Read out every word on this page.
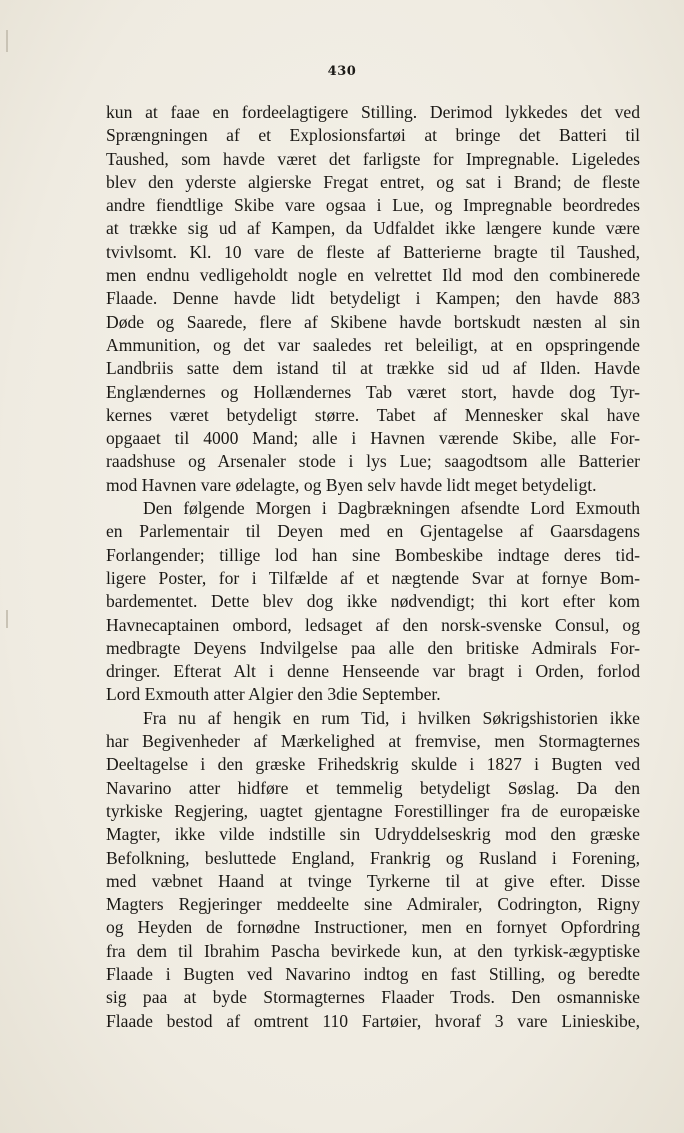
430
kun at faae en fordeelagtigere Stilling. Derimod lykkedes det ved
Sprængningen af et Explosionsfartøi at bringe det Batteri til
Taushed, som havde været det farligste for Impregnable. Ligeledes
blev den yderste algierske Fregat entret, og sat i Brand; de fleste
andre fiendtlige Skibe vare ogsaa i Lue, og Impregnable beordredes
at trække sig ud af Kampen, da Udfaldet ikke længere kunde være
tvivlsomt. Kl. 10 vare de fleste af Batterierne bragte til Taushed,
men endnu vedligeholdt nogle en velrettet Ild mod den combinerede
Flaade. Denne havde lidt betydeligt i Kampen; den havde 883
Døde og Saarede, flere af Skibene havde bortskudt næsten al sin
Ammunition, og det var saaledes ret beleiligt, at en opspringende
Landbriis satte dem istand til at trække sid ud af Ilden. Havde
Englændernes og Hollændernes Tab været stort, havde dog Tyr-
kernes været betydeligt større. Tabet af Mennesker skal have
opgaaet til 4000 Mand; alle i Havnen værende Skibe, alle For-
raadshuse og Arsenaler stode i lys Lue; saagodtsom alle Batterier
mod Havnen vare ødelagte, og Byen selv havde lidt meget betydeligt.
Den følgende Morgen i Dagbrækningen afsendte Lord Exmouth
en Parlementair til Deyen med en Gjentagelse af Gaarsdagens
Forlangender; tillige lod han sine Bombeskibe indtage deres tid-
ligere Poster, for i Tilfælde af et nægtende Svar at fornye Bom-
bardementet. Dette blev dog ikke nødvendigt; thi kort efter kom
Havnecaptainen ombord, ledsaget af den norsk-svenske Consul, og
medbragte Deyens Indvilgelse paa alle den britiske Admirals For-
dringer. Efterat Alt i denne Henseende var bragt i Orden, forlod
Lord Exmouth atter Algier den 3die September.
Fra nu af hengik en rum Tid, i hvilken Søkrigshistorien ikke
har Begivenheder af Mærkelighed at fremvise, men Stormagternes
Deeltagelse i den græske Frihedskrig skulde i 1827 i Bugten ved
Navarino atter hidføre et temmelig betydeligt Søslag. Da den
tyrkiske Regjering, uagtet gjentagne Forestillinger fra de europæiske
Magter, ikke vilde indstille sin Udryddelseskrig mod den græske
Befolkning, besluttede England, Frankrig og Rusland i Forening,
med væbnet Haand at tvinge Tyrkerne til at give efter. Disse
Magters Regjeringer meddeelte sine Admiraler, Codrington, Rigny
og Heyden de fornødne Instructioner, men en fornyet Opfordring
fra dem til Ibrahim Pascha bevirkede kun, at den tyrkisk-ægyptiske
Flaade i Bugten ved Navarino indtog en fast Stilling, og beredte
sig paa at byde Stormagternes Flaader Trods. Den osmanniske
Flaade bestod af omtrent 110 Fartøier, hvoraf 3 vare Linieskibe,
